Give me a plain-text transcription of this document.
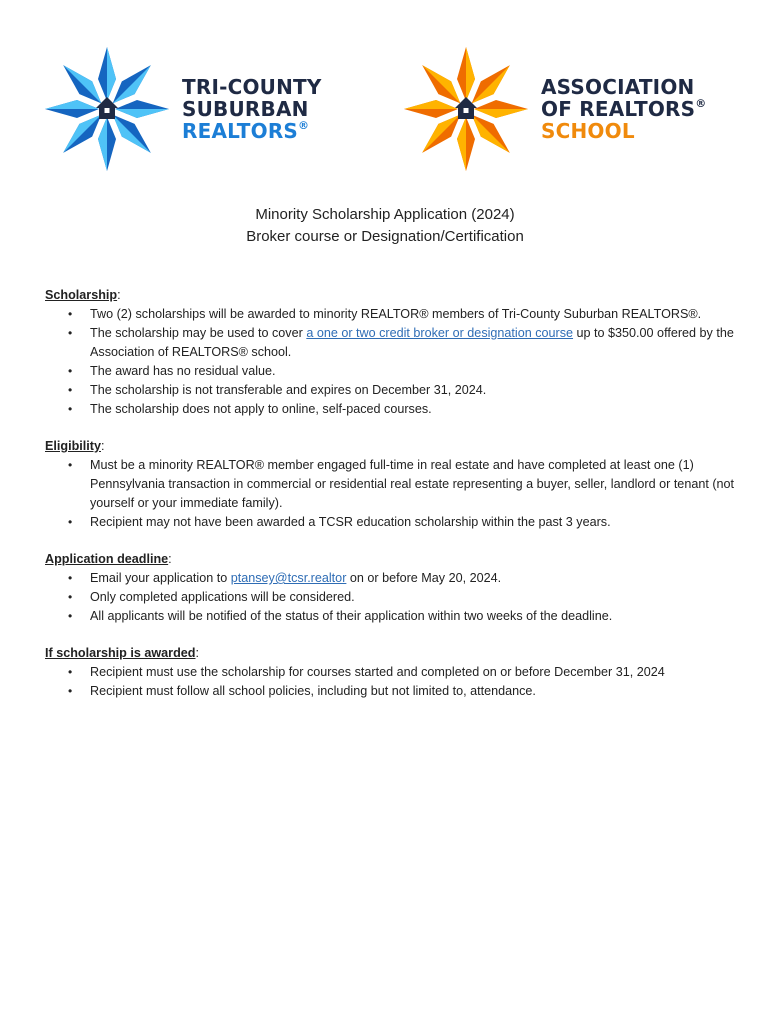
TRI-COUNTY
SUBURBAN
REALTORS®
ASSOCIATION
OF REALTORS®
SCHOOL
Minority Scholarship Application (2024)
Broker course or Designation/Certification
Scholarship:
• Two (2) scholarships will be awarded to minority REALTOR® members of Tri-County Suburban REALTORS®.
• The scholarship may be used to cover a one or two credit broker or designation course up to $350.00 offered by the Association of REALTORS® school.
• The award has no residual value.
• The scholarship is not transferable and expires on December 31, 2024.
• The scholarship does not apply to online, self-paced courses.
Eligibility:
• Must be a minority REALTOR® member engaged full-time in real estate and have completed at least one (1) Pennsylvania transaction in commercial or residential real estate representing a buyer, seller, landlord or tenant (not yourself or your immediate family).
• Recipient may not have been awarded a TCSR education scholarship within the past 3 years.
Application deadline:
• Email your application to ptansey@tcsr.realtor on or before May 20, 2024.
• Only completed applications will be considered.
• All applicants will be notified of the status of their application within two weeks of the deadline.
If scholarship is awarded:
• Recipient must use the scholarship for courses started and completed on or before December 31, 2024
• Recipient must follow all school policies, including but not limited to, attendance.
